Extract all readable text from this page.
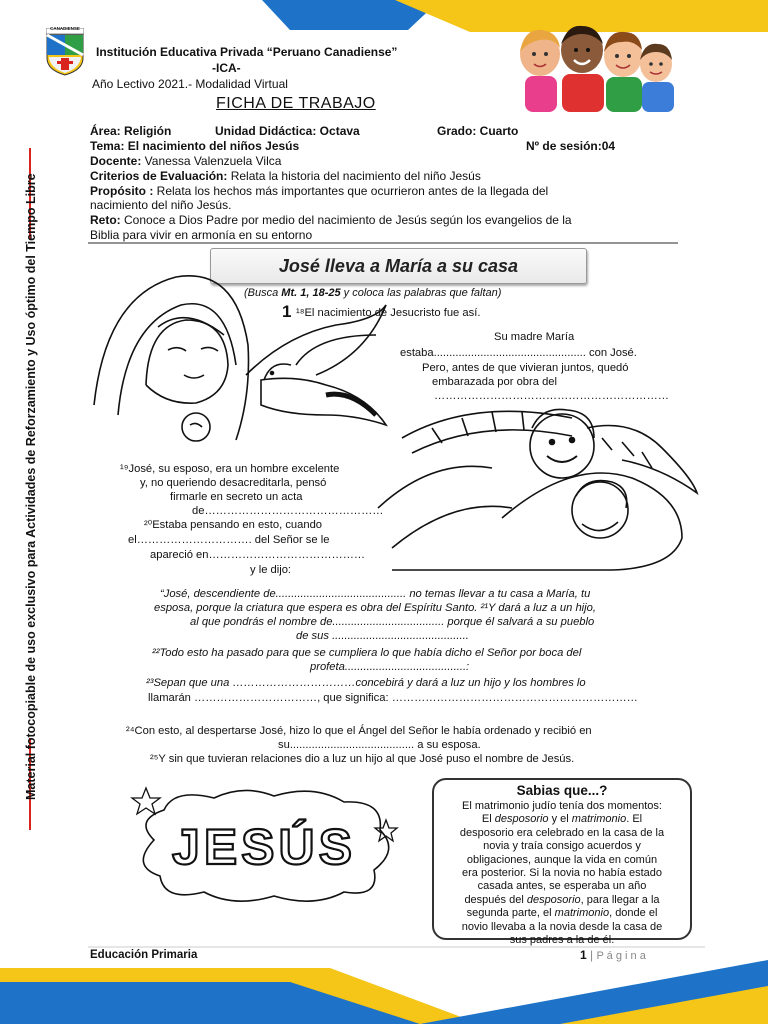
Material fotocopiable de uso exclusivo para Actividades de Reforzamiento y Uso óptimo del Tiempo Libre
CANADIENSE
Institución Educativa Privada “Peruano Canadiense”
-ICA-
Año Lectivo 2021.- Modalidad Virtual
FICHA DE TRABAJO
Área: Religión	Unidad Didáctica: Octava	Grado: Cuarto
Tema: El nacimiento del niños Jesús	Nº de sesión:04
Docente: Vanessa Valenzuela Vilca
Criterios de Evaluación: Relata la historia del nacimiento del niño Jesús
Propósito : Relata los hechos más importantes que ocurrieron antes de la llegada del
nacimiento del niño Jesús.
Reto: Conoce a Dios Padre por medio del nacimiento de Jesús según los evangelios de la
Biblia para vivir en armonía en su entorno
José lleva a María a su casa
(Busca Mt. 1, 18-25 y coloca las palabras que faltan)
1 ¹⁸El nacimiento de Jesucristo fue así.
Su madre María
estaba................................................. con José.
Pero, antes de que vivieran juntos, quedó
embarazada por obra del
………………………………………………………
¹⁹José, su esposo, era un hombre excelente
y, no queriendo desacreditarla, pensó
firmarle en secreto un acta
de…………………………………………
²⁰Estaba pensando en esto, cuando
el…………………………. del Señor se le
apareció en……………………………………
y le dijo:
“José, descendiente de.......................................... no temas llevar a tu casa a María, tu
esposa, porque la criatura que espera es obra del Espíritu Santo. ²¹Y dará a luz a un hijo,
al que pondrás el nombre de.................................... porque él salvará a su pueblo
de sus ............................................
²²Todo esto ha pasado para que se cumpliera lo que había dicho el Señor por boca del
profeta.......................................:
²³Sepan que una ……………………………concebirá y dará a luz un hijo y los hombres lo
llamarán ……………………………, que significa: …………………………………………………………
²⁴Con esto, al despertarse José, hizo lo que el Ángel del Señor le había ordenado y recibió en
su........................................ a su esposa.
²⁵Y sin que tuvieran relaciones dio a luz un hijo al que José puso el nombre de Jesús.
JESÚS
Sabias que...?

El matrimonio judío tenía dos momentos:

El desposorio y el matrimonio. El

desposorio era celebrado en la casa de la

novia y traía consigo acuerdos y

obligaciones, aunque la vida en común

era posterior. Si la novia no había estado

casada antes, se esperaba un año

después del desposorio, para llegar a la

segunda parte, el matrimonio, donde el

novio llevaba a la novia desde la casa de

sus padres a la de él.

Educación Primaria	1 | P á g i n a
